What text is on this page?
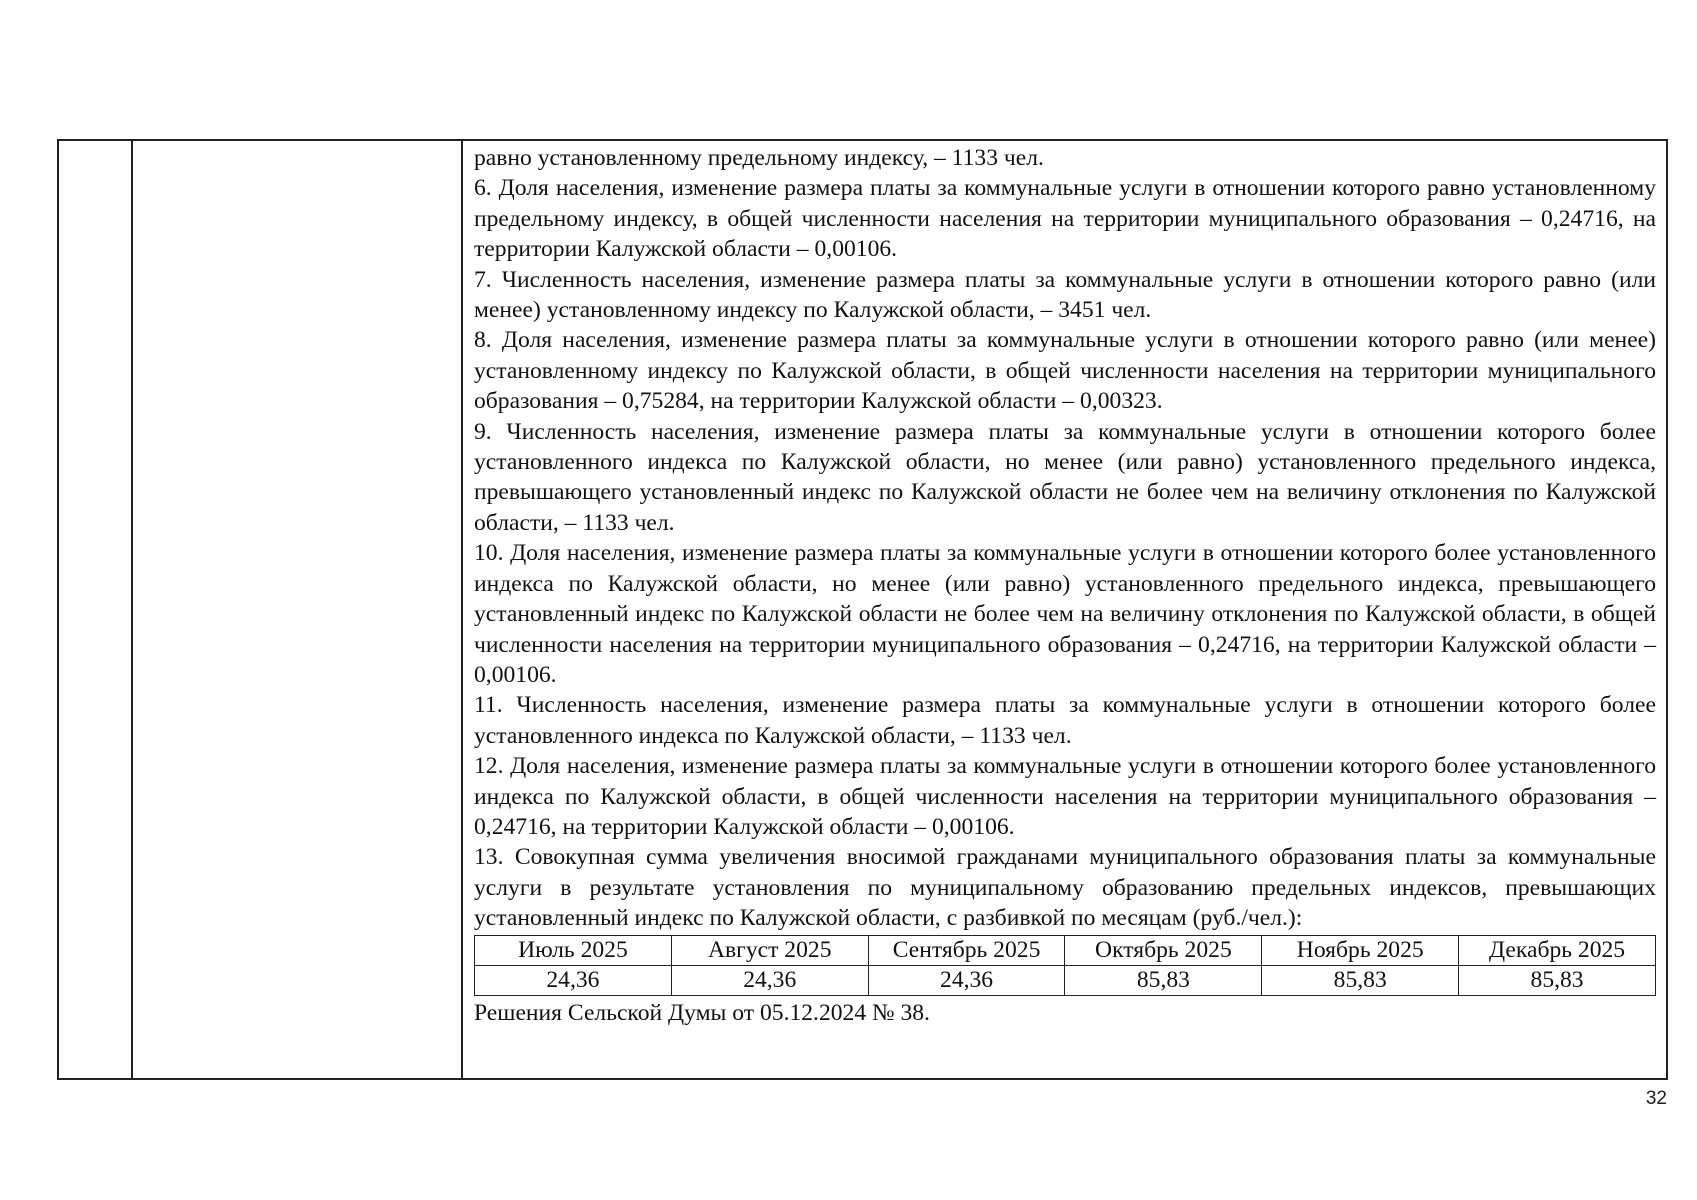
равно установленному предельному индексу, – 1133 чел.

6. Доля населения, изменение размера платы за коммунальные услуги в отношении которого равно установленному предельному индексу, в общей численности населения на территории муниципального образования – 0,24716, на территории Калужской области – 0,00106.

7. Численность населения, изменение размера платы за коммунальные услуги в отношении которого равно (или менее) установленному индексу по Калужской области, – 3451 чел.

8. Доля населения, изменение размера платы за коммунальные услуги в отношении которого равно (или менее) установленному индексу по Калужской области, в общей численности населения на территории муниципального образования – 0,75284, на территории Калужской области – 0,00323.

9. Численность населения, изменение размера платы за коммунальные услуги в отношении которого более установленного индекса по Калужской области, но менее (или равно) установленного предельного индекса, превышающего установленный индекс по Калужской области не более чем на величину отклонения по Калужской области, – 1133 чел.

10. Доля населения, изменение размера платы за коммунальные услуги в отношении которого более установленного индекса по Калужской области, но менее (или равно) установленного предельного индекса, превышающего установленный индекс по Калужской области не более чем на величину отклонения по Калужской области, в общей численности населения на территории муниципального образования – 0,24716, на территории Калужской области – 0,00106.

11. Численность населения, изменение размера платы за коммунальные услуги в отношении которого более установленного индекса по Калужской области, – 1133 чел.

12. Доля населения, изменение размера платы за коммунальные услуги в отношении которого более установленного индекса по Калужской области, в общей численности населения на территории муниципального образования – 0,24716, на территории Калужской области – 0,00106.

13. Совокупная сумма увеличения вносимой гражданами муниципального образования платы за коммунальные услуги в результате установления по муниципальному образованию предельных индексов, превышающих установленный индекс по Калужской области, с разбивкой по месяцам (руб./чел.):

Июль 2025	Август 2025	Сентябрь 2025	Октябрь 2025	Ноябрь 2025	Декабрь 2025
24,36	24,36	24,36	85,83	85,83	85,83

Решения Сельской Думы от 05.12.2024 № 38.

32
